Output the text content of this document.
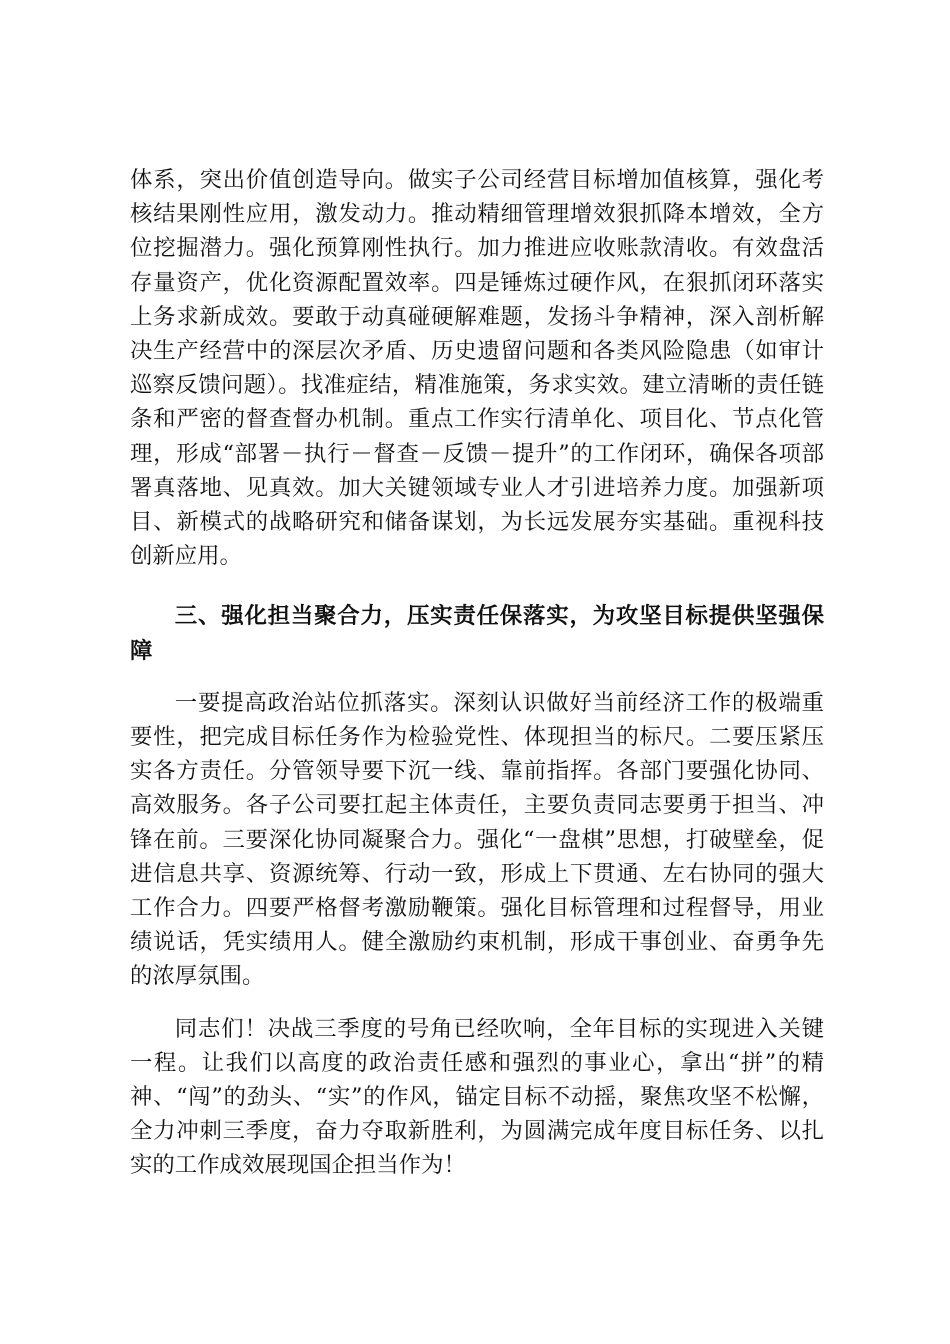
体系，突出价值创造导向。做实子公司经营目标增加值核算，强化考核结果刚性应用，激发动力。推动精细管理增效狠抓降本增效，全方位挖掘潜力。强化预算刚性执行。加力推进应收账款清收。有效盘活存量资产，优化资源配置效率。四是锤炼过硬作风，在狠抓闭环落实上务求新成效。要敢于动真碰硬解难题，发扬斗争精神，深入剖析解决生产经营中的深层次矛盾、历史遗留问题和各类风险隐患（如审计巡察反馈问题）。找准症结，精准施策，务求实效。建立清晰的责任链条和严密的督查督办机制。重点工作实行清单化、项目化、节点化管理，形成“部署－执行－督查－反馈－提升”的工作闭环，确保各项部署真落地、见真效。加大关键领域专业人才引进培养力度。加强新项目、新模式的战略研究和储备谋划，为长远发展夯实基础。重视科技创新应用。

三、强化担当聚合力，压实责任保落实，为攻坚目标提供坚强保障

一要提高政治站位抓落实。深刻认识做好当前经济工作的极端重要性，把完成目标任务作为检验党性、体现担当的标尺。二要压紧压实各方责任。分管领导要下沉一线、靠前指挥。各部门要强化协同、高效服务。各子公司要扛起主体责任，主要负责同志要勇于担当、冲锋在前。三要深化协同凝聚合力。强化“一盘棋”思想，打破壁垒，促进信息共享、资源统筹、行动一致，形成上下贯通、左右协同的强大工作合力。四要严格督考激励鞭策。强化目标管理和过程督导，用业绩说话，凭实绩用人。健全激励约束机制，形成干事创业、奋勇争先的浓厚氛围。

同志们！决战三季度的号角已经吹响，全年目标的实现进入关键一程。让我们以高度的政治责任感和强烈的事业心，拿出“拼”的精神、“闯”的劲头、“实”的作风，锚定目标不动摇，聚焦攻坚不松懈，全力冲刺三季度，奋力夺取新胜利，为圆满完成年度目标任务、以扎实的工作成效展现国企担当作为！
